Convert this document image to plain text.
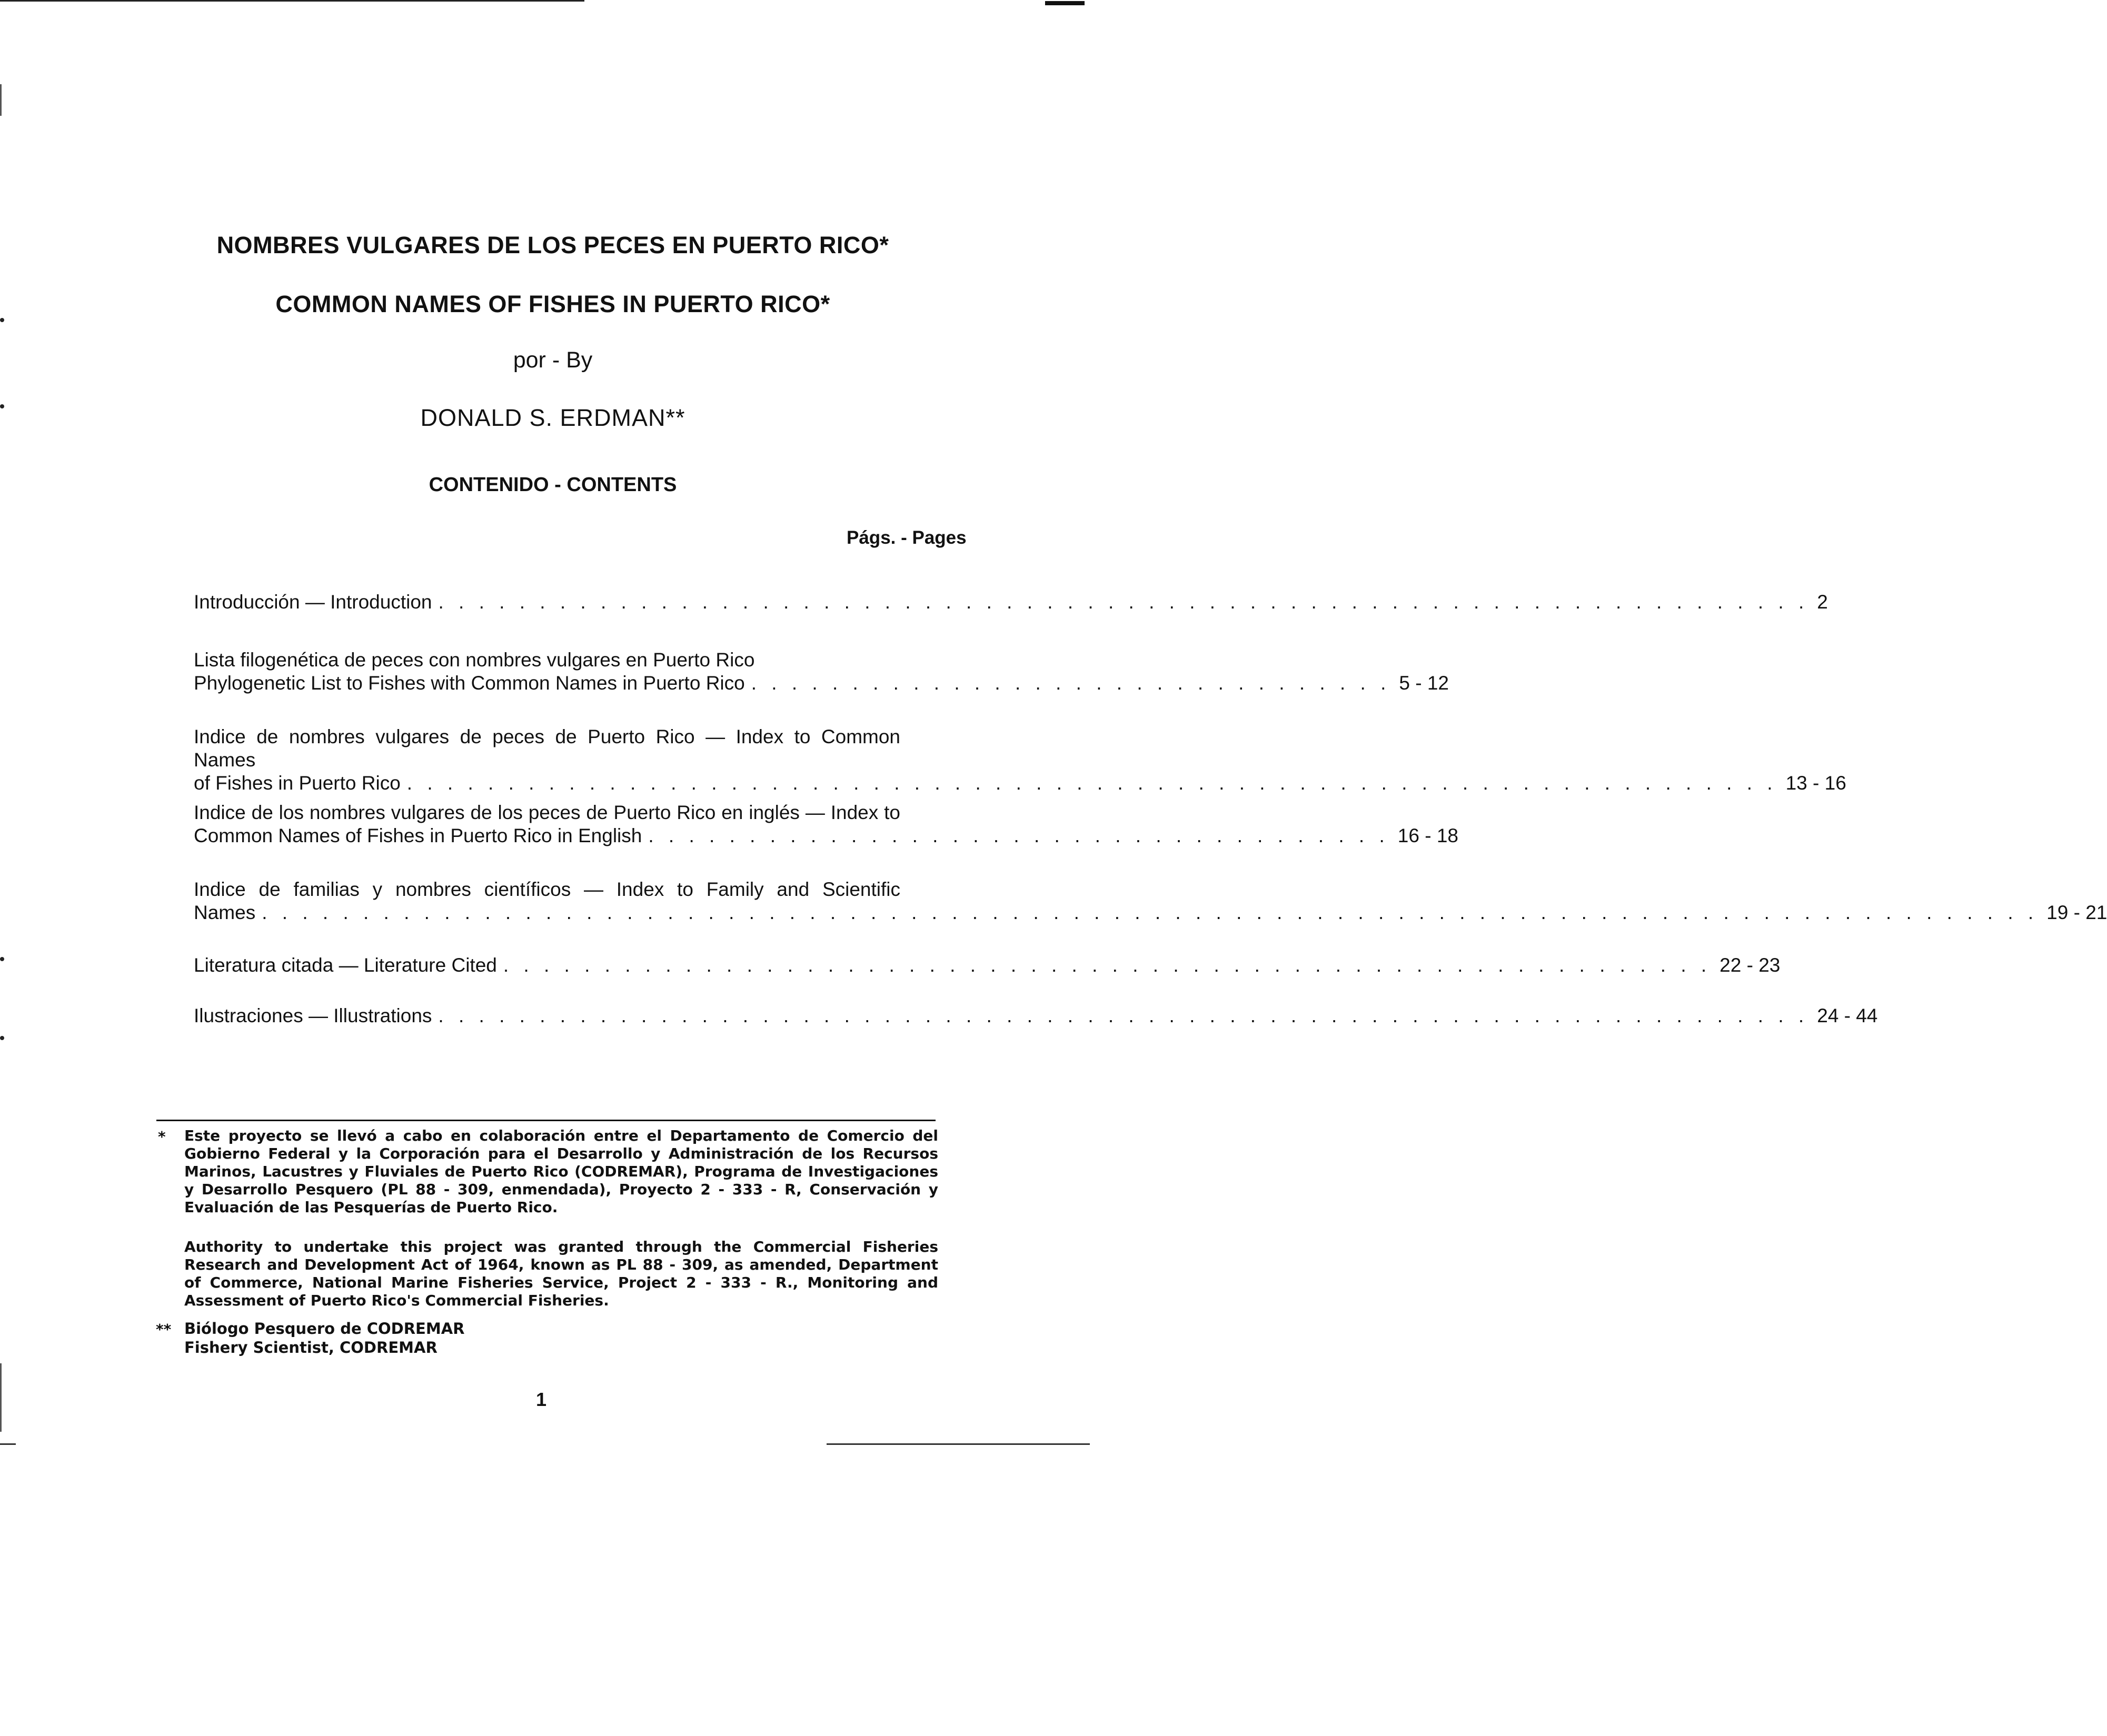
NOMBRES VULGARES DE LOS PECES EN PUERTO RICO*
COMMON NAMES OF FISHES IN PUERTO RICO*
por - By
DONALD S. ERDMAN**
CONTENIDO - CONTENTS
Págs. - Pages
Introducción — Introduction . . . . . . . . . . . . . . . . . . . . . . . . . . . . . . . . . . . . . . . . . . . . . . . . . . . . . . . . . . . . . . . . . . . . 2
Lista filogenética de peces con nombres vulgares en Puerto Rico
Phylogenetic List to Fishes with Common Names in Puerto Rico . . . . . . . . . . . . . . . . . . . . . . . . . . . . . . . . 5 - 12
Indice de nombres vulgares de peces de Puerto Rico — Index to Common Names
of Fishes in Puerto Rico . . . . . . . . . . . . . . . . . . . . . . . . . . . . . . . . . . . . . . . . . . . . . . . . . . . . . . . . . . . . . . . . . . . . 13 - 16
Indice de los nombres vulgares de los peces de Puerto Rico en inglés — Index to
Common Names of Fishes in Puerto Rico in English . . . . . . . . . . . . . . . . . . . . . . . . . . . . . . . . . . . . . 16 - 18
Indice de familias y nombres científicos — Index to Family and Scientific
Names . . . . . . . . . . . . . . . . . . . . . . . . . . . . . . . . . . . . . . . . . . . . . . . . . . . . . . . . . . . . . . . . . . . . . . . . . . . . . . . . . . . . . . . . 19 - 21
Literatura citada — Literature Cited . . . . . . . . . . . . . . . . . . . . . . . . . . . . . . . . . . . . . . . . . . . . . . . . . . . . . . . . . . . . 22 - 23
Ilustraciones — Illustrations . . . . . . . . . . . . . . . . . . . . . . . . . . . . . . . . . . . . . . . . . . . . . . . . . . . . . . . . . . . . . . . . . . . . 24 - 44
* Este proyecto se llevó a cabo en colaboración entre el Departamento de Comercio del Gobierno Federal y la Corporación para el Desarrollo y Administración de los Recursos Marinos, Lacustres y Fluviales de Puerto Rico (CODREMAR), Programa de Investigaciones y Desarrollo Pesquero (PL 88 - 309, enmendada), Proyecto 2 - 333 - R, Conservación y Evaluación de las Pesquerías de Puerto Rico.
Authority to undertake this project was granted through the Commercial Fisheries Research and Development Act of 1964, known as PL 88 - 309, as amended, Department of Commerce, National Marine Fisheries Service, Project 2 - 333 - R., Monitoring and Assessment of Puerto Rico's Commercial Fisheries.
** Biólogo Pesquero de CODREMAR
Fishery Scientist, CODREMAR
1
